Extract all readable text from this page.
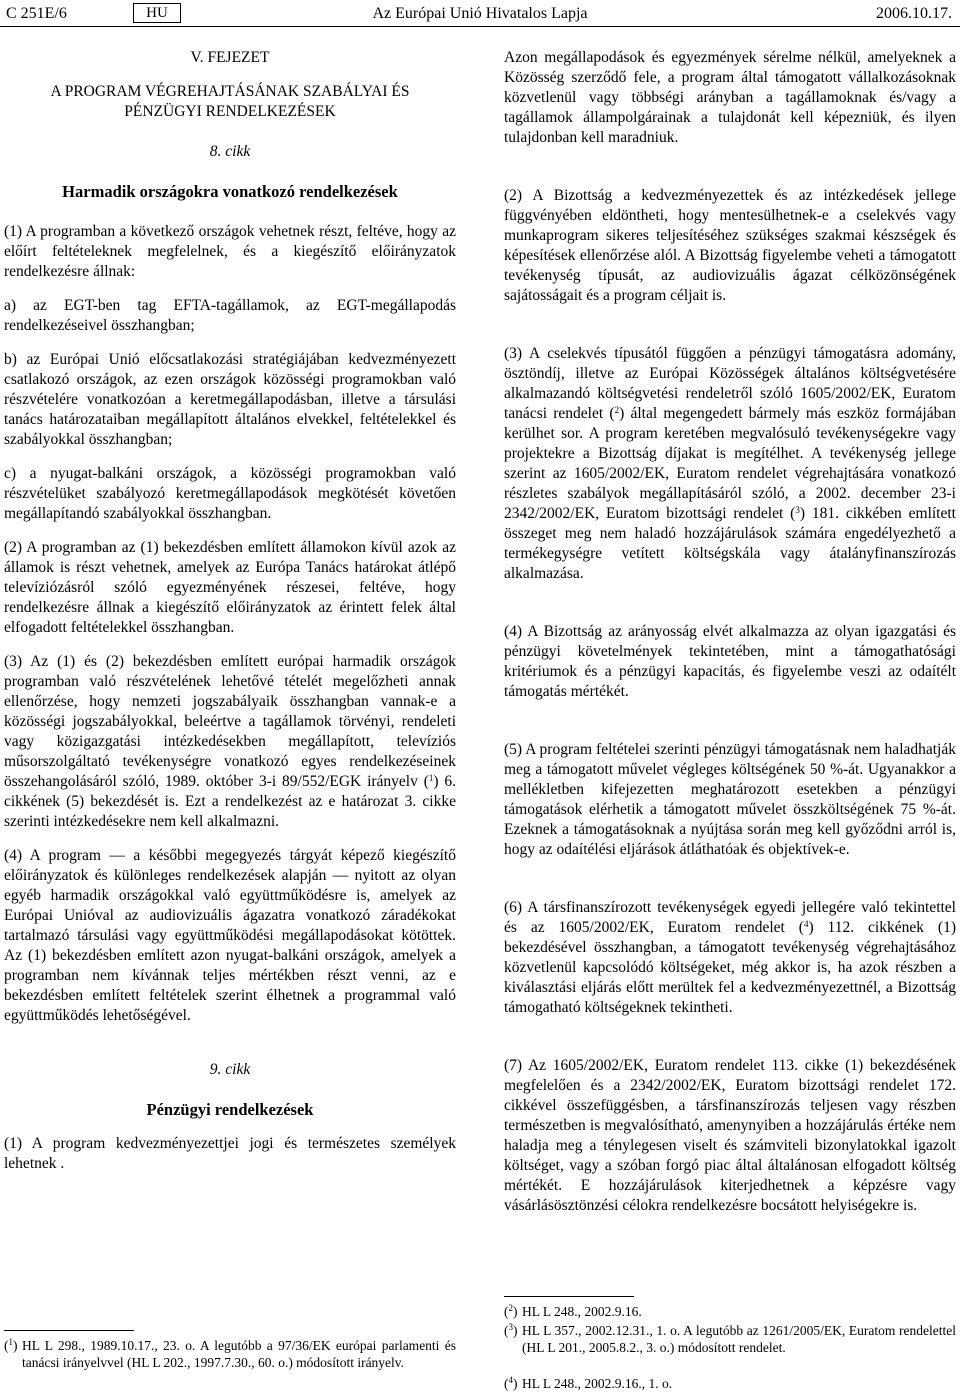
C 251E/6	HU	Az Európai Unió Hivatalos Lapja	2006.10.17.

V. FEJEZET

A PROGRAM VÉGREHAJTÁSÁNAK SZABÁLYAI ÉS PÉNZÜGYI RENDELKEZÉSEK

8. cikk

Harmadik országokra vonatkozó rendelkezések

(1) A programban a következő országok vehetnek részt, feltéve, hogy az előírt feltételeknek megfelelnek, és a kiegészítő előirányzatok rendelkezésre állnak:

a) az EGT-ben tag EFTA-tagállamok, az EGT-megállapodás rendelkezéseivel összhangban;

b) az Európai Unió előcsatlakozási stratégiájában kedvezményezett csatlakozó országok, az ezen országok közösségi programokban való részvételére vonatkozóan a keretmegállapodásban, illetve a társulási tanács határozataiban megállapított általános elvekkel, feltételekkel és szabályokkal összhangban;

c) a nyugat-balkáni országok, a közösségi programokban való részvételüket szabályozó keretmegállapodások megkötését követően megállapítandó szabályokkal összhangban.

(2) A programban az (1) bekezdésben említett államokon kívül azok az államok is részt vehetnek, amelyek az Európa Tanács határokat átlépő televíziózásról szóló egyezményének részesei, feltéve, hogy rendelkezésre állnak a kiegészítő előirányzatok az érintett felek által elfogadott feltételekkel összhangban.

(3) Az (1) és (2) bekezdésben említett európai harmadik országok programban való részvételének lehetővé tételét megelőzheti annak ellenőrzése, hogy nemzeti jogszabályaik összhangban vannak-e a közösségi jogszabályokkal, beleértve a tagállamok törvényi, rendeleti vagy közigazgatási intézkedésekben megállapított, televíziós műsorszolgáltató tevékenységre vonatkozó egyes rendelkezéseinek összehangolásáról szóló, 1989. október 3-i 89/552/EGK irányelv ($^1$) 6. cikkének (5) bekezdését is. Ezt a rendelkezést az e határozat 3. cikke szerinti intézkedésekre nem kell alkalmazni.

(4) A program — a későbbi megegyezés tárgyát képező kiegészítő előirányzatok és különleges rendelkezések alapján — nyitott az olyan egyéb harmadik országokkal való együttműködésre is, amelyek az Európai Unióval az audiovizuális ágazatra vonatkozó záradékokat tartalmazó társulási vagy együttműködési megállapodásokat kötöttek. Az (1) bekezdésben említett azon nyugat-balkáni országok, amelyek a programban nem kívánnak teljes mértékben részt venni, az e bekezdésben említett feltételek szerint élhetnek a programmal való együttműködés lehetőségével.

9. cikk

Pénzügyi rendelkezések

(1) A program kedvezményezettjei jogi és természetes személyek lehetnek .

($^1$) HL L 298., 1989.10.17., 23. o. A legutóbb a 97/36/EK európai parlamenti és tanácsi irányelvvel (HL L 202., 1997.7.30., 60. o.) módosított irányelv.

Azon megállapodások és egyezmények sérelme nélkül, amelyeknek a Közösség szerződő fele, a program által támogatott vállalkozásoknak közvetlenül vagy többségi arányban a tagállamoknak és/vagy a tagállamok állampolgárainak a tulajdonát kell képezniük, és ilyen tulajdonban kell maradniuk.

(2) A Bizottság a kedvezményezettek és az intézkedések jellege függvényében eldöntheti, hogy mentesülhetnek-e a cselekvés vagy munkaprogram sikeres teljesítéséhez szükséges szakmai készségek és képesítések ellenőrzése alól. A Bizottság figyelembe veheti a támogatott tevékenység típusát, az audiovizuális ágazat célközönségének sajátosságait és a program céljait is.

(3) A cselekvés típusától függően a pénzügyi támogatásra adomány, ösztöndíj, illetve az Európai Közösségek általános költségvetésére alkalmazandó költségvetési rendeletről szóló 1605/2002/EK, Euratom tanácsi rendelet ($^2$) által megengedett bármely más eszköz formájában kerülhet sor. A program keretében megvalósuló tevékenységekre vagy projektekre a Bizottság díjakat is megítélhet. A tevékenység jellege szerint az 1605/2002/EK, Euratom rendelet végrehajtására vonatkozó részletes szabályok megállapításáról szóló, a 2002. december 23-i 2342/2002/EK, Euratom bizottsági rendelet ($^3$) 181. cikkében említett összeget meg nem haladó hozzájárulások számára engedélyezhető a termékegységre vetített költségskála vagy átalányfinanszírozás alkalmazása.

(4) A Bizottság az arányosság elvét alkalmazza az olyan igazgatási és pénzügyi követelmények tekintetében, mint a támogathatósági kritériumok és a pénzügyi kapacitás, és figyelembe veszi az odaítélt támogatás mértékét.

(5) A program feltételei szerinti pénzügyi támogatásnak nem haladhatják meg a támogatott művelet végleges költségének 50 %-át. Ugyanakkor a mellékletben kifejezetten meghatározott esetekben a pénzügyi támogatások elérhetik a támogatott művelet összköltségének 75 %-át. Ezeknek a támogatásoknak a nyújtása során meg kell győződni arról is, hogy az odaítélési eljárások átláthatóak és objektívek-e.

(6) A társfinanszírozott tevékenységek egyedi jellegére való tekintettel és az 1605/2002/EK, Euratom rendelet ($^4$) 112. cikkének (1) bekezdésével összhangban, a támogatott tevékenység végrehajtásához közvetlenül kapcsolódó költségeket, még akkor is, ha azok részben a kiválasztási eljárás előtt merültek fel a kedvezményezettnél, a Bizottság támogatható költségeknek tekintheti.

(7) Az 1605/2002/EK, Euratom rendelet 113. cikke (1) bekezdésének megfelelően és a 2342/2002/EK, Euratom bizottsági rendelet 172. cikkével összefüggésben, a társfinanszírozás teljesen vagy részben természetben is megvalósítható, amenynyiben a hozzájárulás értéke nem haladja meg a ténylegesen viselt és számviteli bizonylatokkal igazolt költséget, vagy a szóban forgó piac által általánosan elfogadott költség mértékét. E hozzájárulások kiterjedhetnek a képzésre vagy vásárlásösztönzési célokra rendelkezésre bocsátott helyiségekre is.

($^2$) HL L 248., 2002.9.16.
($^3$) HL L 357., 2002.12.31., 1. o. A legutóbb az 1261/2005/EK, Euratom rendelettel (HL L 201., 2005.8.2., 3. o.) módosított rendelet.
($^4$) HL L 248., 2002.9.16., 1. o.
